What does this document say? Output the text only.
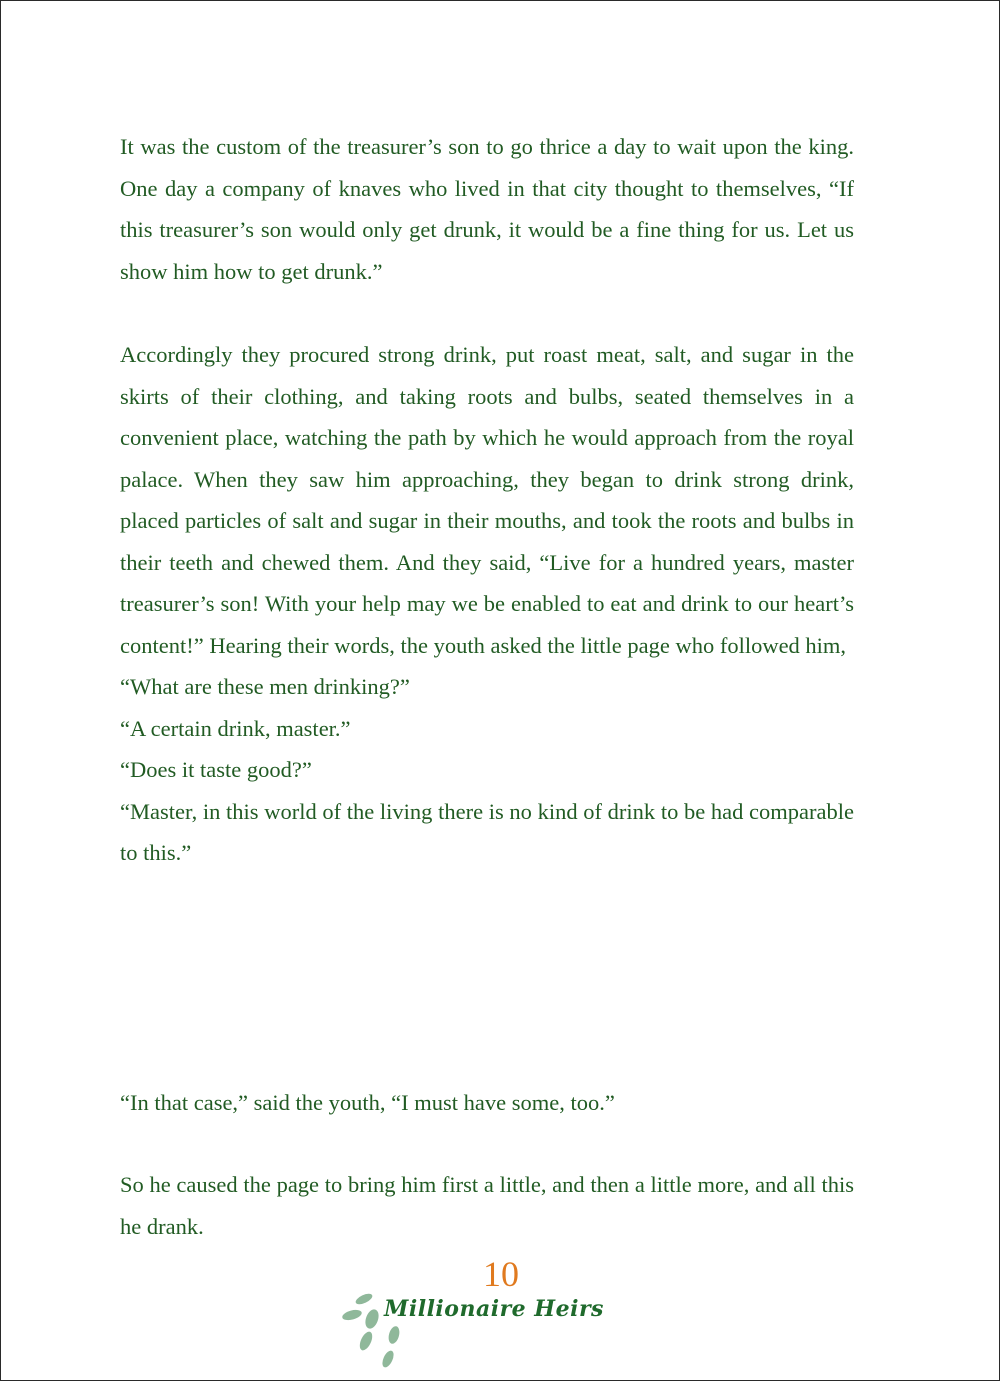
It was the custom of the treasurer’s son to go thrice a day to wait upon the king. One day a company of knaves who lived in that city thought to themselves, “If this treasurer’s son would only get drunk, it would be a fine thing for us. Let us show him how to get drunk.”

Accordingly they procured strong drink, put roast meat, salt, and sugar in the skirts of their clothing, and taking roots and bulbs, seated themselves in a convenient place, watching the path by which he would approach from the royal palace. When they saw him approaching, they began to drink strong drink, placed particles of salt and sugar in their mouths, and took the roots and bulbs in their teeth and chewed them. And they said, “Live for a hundred years, master treasurer’s son! With your help may we be enabled to eat and drink to our heart’s content!” Hearing their words, the youth asked the little page who followed him,

“What are these men drinking?”
“A certain drink, master.”
“Does it taste good?”

“Master, in this world of the living there is no kind of drink to be had comparable to this.”

“In that case,” said the youth, “I must have some, too.”

So he caused the page to bring him first a little, and then a little more, and all this he drank.

10
Millionaire Heirs
